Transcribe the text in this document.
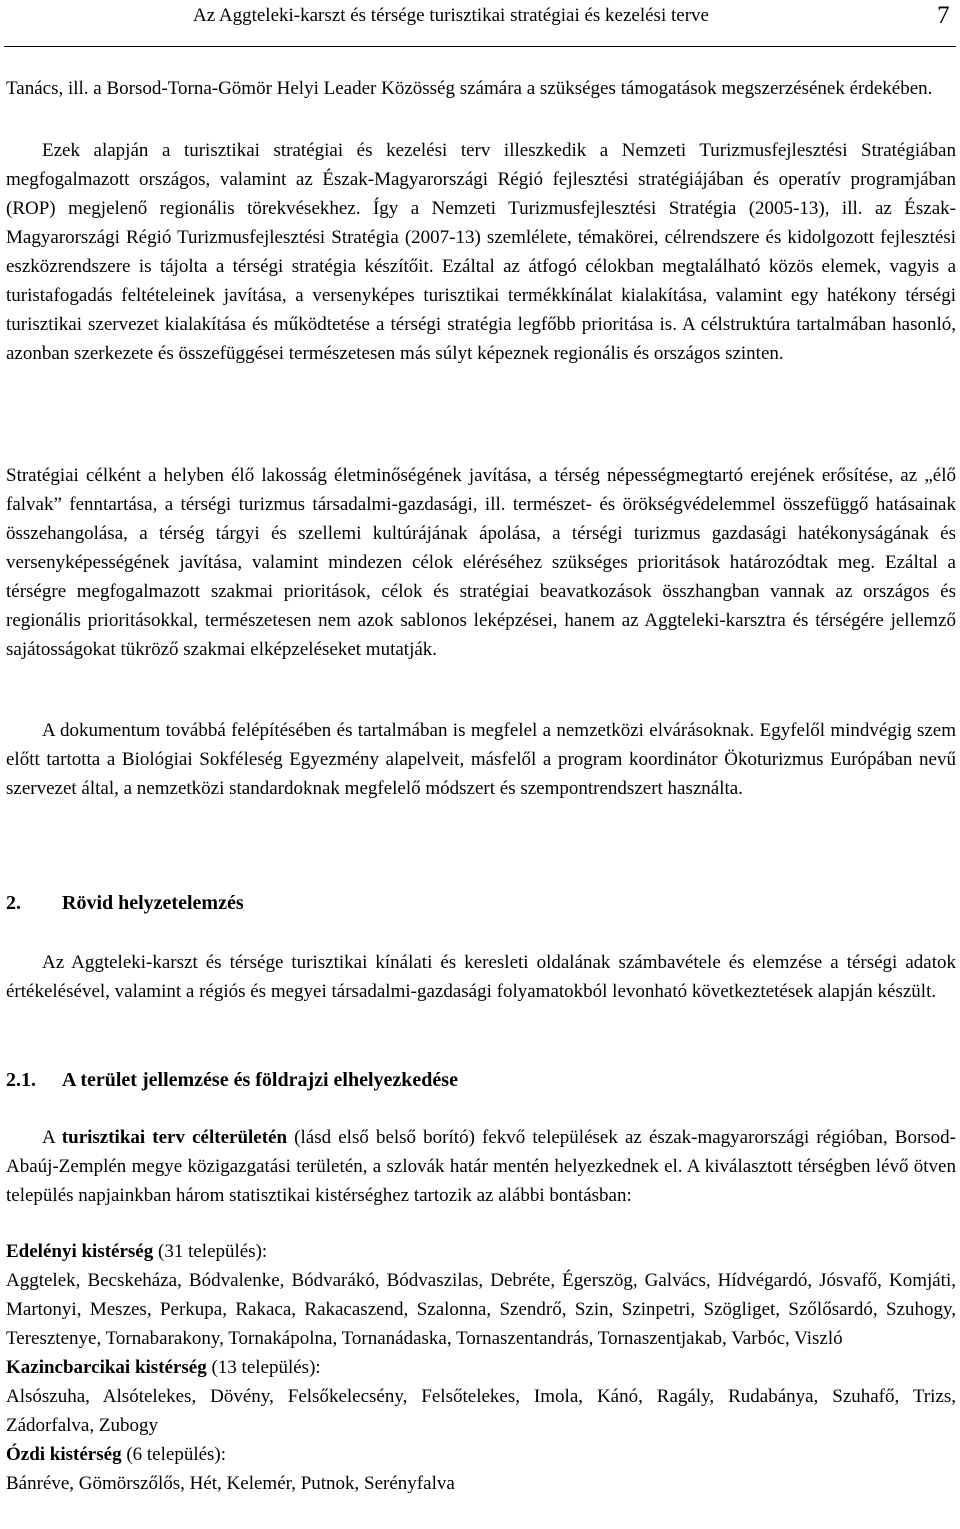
Az Aggteleki-karszt és térsége turisztikai stratégiai és kezelési terve	7

Tanács, ill. a Borsod-Torna-Gömör Helyi Leader Közösség számára a szükséges támogatások megszerzésének érdekében.

Ezek alapján a turisztikai stratégiai és kezelési terv illeszkedik a Nemzeti Turizmusfejlesztési Stratégiában megfogalmazott országos, valamint az Észak-Magyarországi Régió fejlesztési stratégiájában és operatív programjában (ROP) megjelenő regionális törekvésekhez. Így a Nemzeti Turizmusfejlesztési Stratégia (2005-13), ill. az Észak-Magyarországi Régió Turizmusfejlesztési Stratégia (2007-13) szemlélete, témakörei, célrendszere és kidolgozott fejlesztési eszközrendszere is tájolta a térségi stratégia készítőit. Ezáltal az átfogó célokban megtalálható közös elemek, vagyis a turistafogadás feltételeinek javítása, a versenyképes turisztikai termékkínálat kialakítása, valamint egy hatékony térségi turisztikai szervezet kialakítása és működtetése a térségi stratégia legfőbb prioritása is. A célstruktúra tartalmában hasonló, azonban szerkezete és összefüggései természetesen más súlyt képeznek regionális és országos szinten.

Stratégiai célként a helyben élő lakosság életminőségének javítása, a térség népességmegtartó erejének erősítése, az „élő falvak” fenntartása, a térségi turizmus társadalmi-gazdasági, ill. természet- és örökségvédelemmel összefüggő hatásainak összehangolása, a térség tárgyi és szellemi kultúrájának ápolása, a térségi turizmus gazdasági hatékonyságának és versenyképességének javítása, valamint mindezen célok eléréséhez szükséges prioritások határozódtak meg. Ezáltal a térségre megfogalmazott szakmai prioritások, célok és stratégiai beavatkozások összhangban vannak az országos és regionális prioritásokkal, természetesen nem azok sablonos leképzései, hanem az Aggteleki-karsztra és térségére jellemző sajátosságokat tükröző szakmai elképzeléseket mutatják.

A dokumentum továbbá felépítésében és tartalmában is megfelel a nemzetközi elvárásoknak. Egyfelől mindvégig szem előtt tartotta a Biológiai Sokféleség Egyezmény alapelveit, másfelől a program koordinátor Ökoturizmus Európában nevű szervezet által, a nemzetközi standardoknak megfelelő módszert és szempontrendszert használta.

2. Rövid helyzetelemzés

Az Aggteleki-karszt és térsége turisztikai kínálati és keresleti oldalának számbavétele és elemzése a térségi adatok értékelésével, valamint a régiós és megyei társadalmi-gazdasági folyamatokból levonható következtetések alapján készült.

2.1. A terület jellemzése és földrajzi elhelyezkedése

A turisztikai terv célterületén (lásd első belső borító) fekvő települések az észak-magyarországi régióban, Borsod-Abaúj-Zemplén megye közigazgatási területén, a szlovák határ mentén helyezkednek el. A kiválasztott térségben lévő ötven település napjainkban három statisztikai kistérséghez tartozik az alábbi bontásban:

Edelényi kistérség (31 település):

Aggtelek, Becskeháza, Bódvalenke, Bódvarákó, Bódvaszilas, Debréte, Égerszög, Galvács, Hídvégardó, Jósvafő, Komjáti, Martonyi, Meszes, Perkupa, Rakaca, Rakacaszend, Szalonna, Szendrő, Szin, Szinpetri, Szögliget, Szőlősardó, Szuhogy, Teresztenye, Tornabarakony, Tornakápolna, Tornanádaska, Tornaszentandrás, Tornaszentjakab, Varbóc, Viszló

Kazincbarcikai kistérség (13 település):

Alsószuha, Alsótelekes, Dövény, Felsőkelecsény, Felsőtelekes, Imola, Kánó, Ragály, Rudabánya, Szuhafő, Trizs, Zádorfalva, Zubogy

Ózdi kistérség (6 település):

Bánréve, Gömörszőlős, Hét, Kelemér, Putnok, Serényfalva
